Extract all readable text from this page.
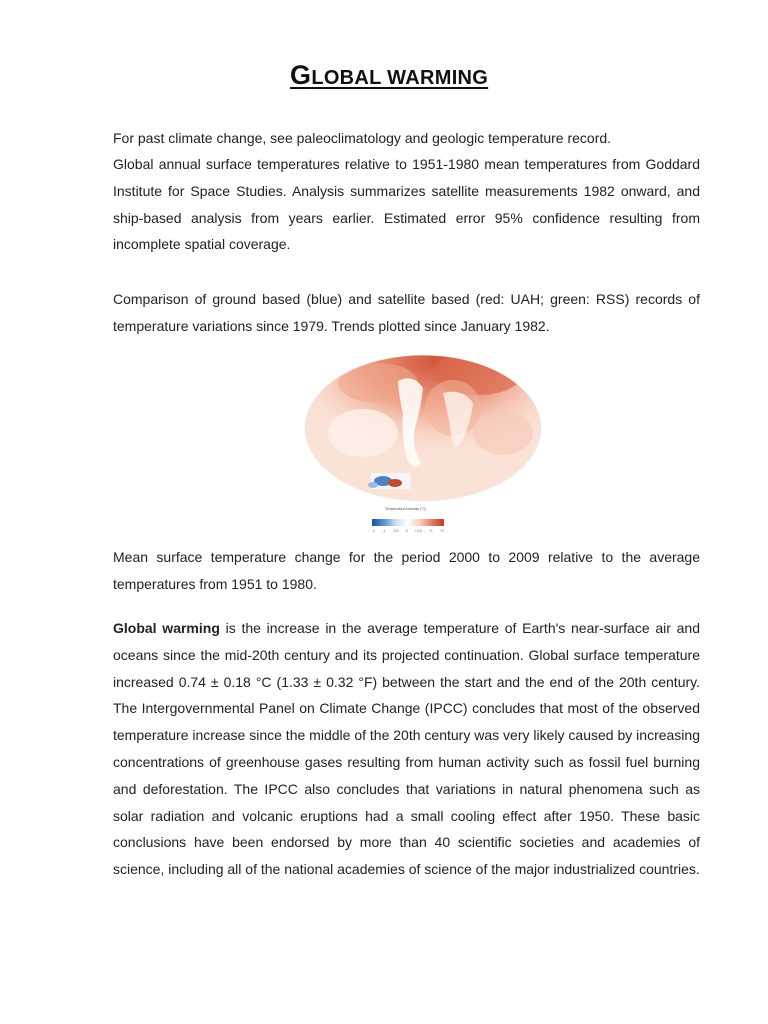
GLOBAL WARMING

For past climate change, see paleoclimatology and geologic temperature record.

Global annual surface temperatures relative to 1951-1980 mean temperatures from Goddard Institute for Space Studies. Analysis summarizes satellite measurements 1982 onward, and ship-based analysis from years earlier. Estimated error 95% confidence resulting from incomplete spatial coverage.

Comparison of ground based (blue) and satellite based (red: UAH; green: RSS) records of temperature variations since 1979. Trends plotted since January 1982.

Temperature Anomaly (°C)
-2 -1 -0.5 0 +0.5 +1 +2

Mean surface temperature change for the period 2000 to 2009 relative to the average temperatures from 1951 to 1980.

Global warming is the increase in the average temperature of Earth's near-surface air and oceans since the mid-20th century and its projected continuation. Global surface temperature increased 0.74 ± 0.18 °C (1.33 ± 0.32 °F) between the start and the end of the 20th century. The Intergovernmental Panel on Climate Change (IPCC) concludes that most of the observed temperature increase since the middle of the 20th century was very likely caused by increasing concentrations of greenhouse gases resulting from human activity such as fossil fuel burning and deforestation. The IPCC also concludes that variations in natural phenomena such as solar radiation and volcanic eruptions had a small cooling effect after 1950. These basic conclusions have been endorsed by more than 40 scientific societies and academies of science, including all of the national academies of science of the major industrialized countries.
